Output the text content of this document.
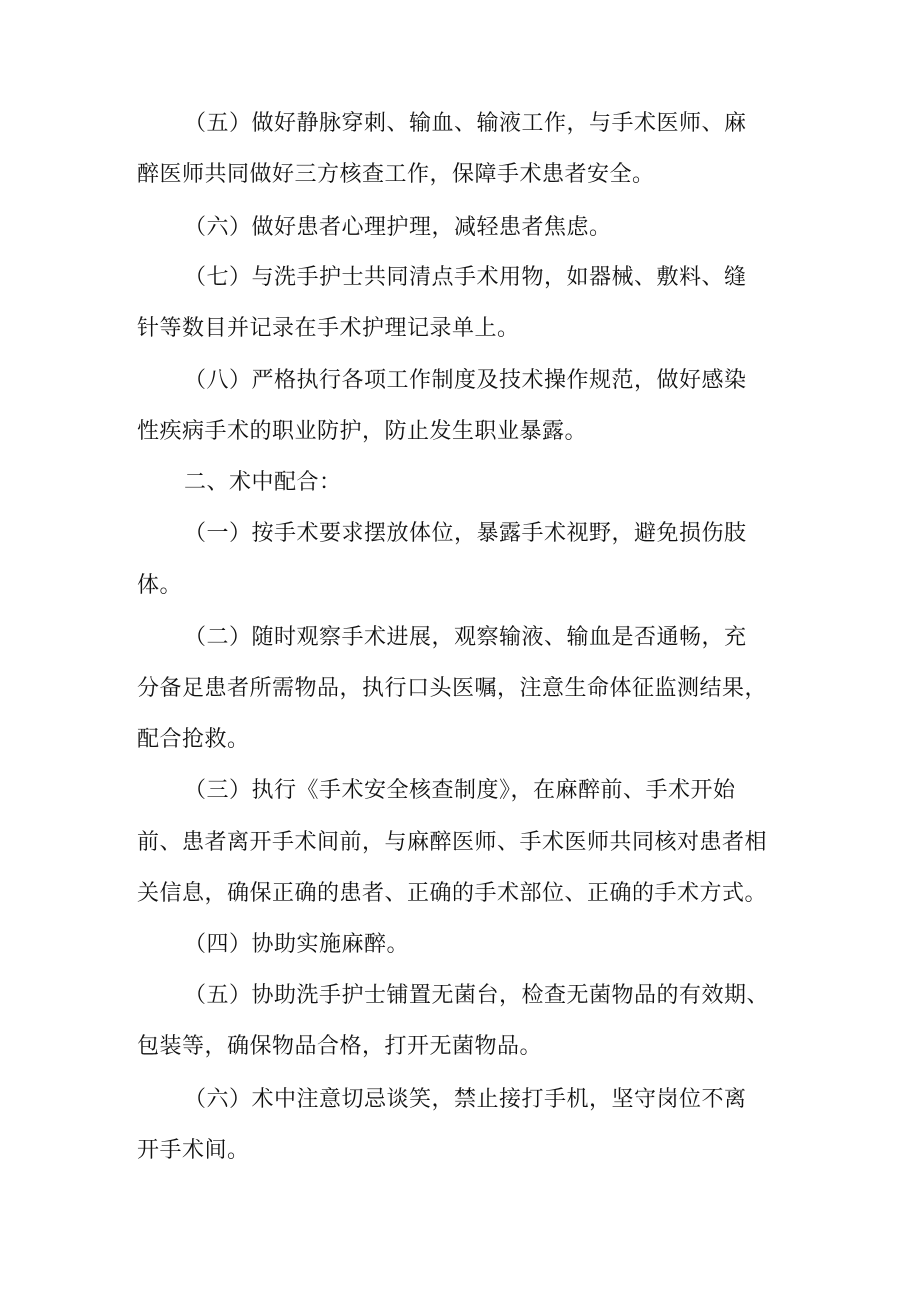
（五）做好静脉穿刺、输血、输液工作，与手术医师、麻

醉医师共同做好三方核查工作，保障手术患者安全。

（六）做好患者心理护理，减轻患者焦虑。

（七）与洗手护士共同清点手术用物，如器械、敷料、缝

针等数目并记录在手术护理记录单上。

（八）严格执行各项工作制度及技术操作规范，做好感染

性疾病手术的职业防护，防止发生职业暴露。

二、术中配合：

（一）按手术要求摆放体位，暴露手术视野，避免损伤肢

体。

（二）随时观察手术进展，观察输液、输血是否通畅，充

分备足患者所需物品，执行口头医嘱，注意生命体征监测结果，

配合抢救。

（三）执行《手术安全核查制度》，在麻醉前、手术开始

前、患者离开手术间前，与麻醉医师、手术医师共同核对患者相

关信息，确保正确的患者、正确的手术部位、正确的手术方式。

（四）协助实施麻醉。

（五）协助洗手护士铺置无菌台，检查无菌物品的有效期、

包装等，确保物品合格，打开无菌物品。

（六）术中注意切忌谈笑，禁止接打手机，坚守岗位不离

开手术间。
